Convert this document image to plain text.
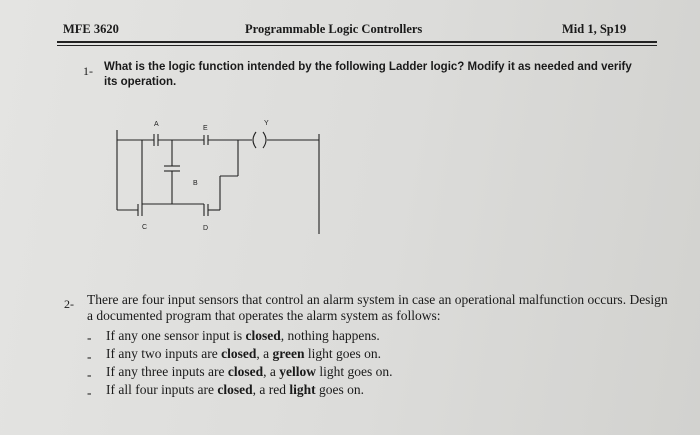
MFE 3620	Programmable Logic Controllers	Mid 1, Sp19
1- What is the logic function intended by the following Ladder logic? Modify it as needed and verify its operation.
A
E
Y
B
C	D
2- There are four input sensors that control an alarm system in case an operational malfunction occurs. Design a documented program that operates the alarm system as follows:
- If any one sensor input is closed, nothing happens.
- If any two inputs are closed, a green light goes on.
- If any three inputs are closed, a yellow light goes on.
- If all four inputs are closed, a red light goes on.
